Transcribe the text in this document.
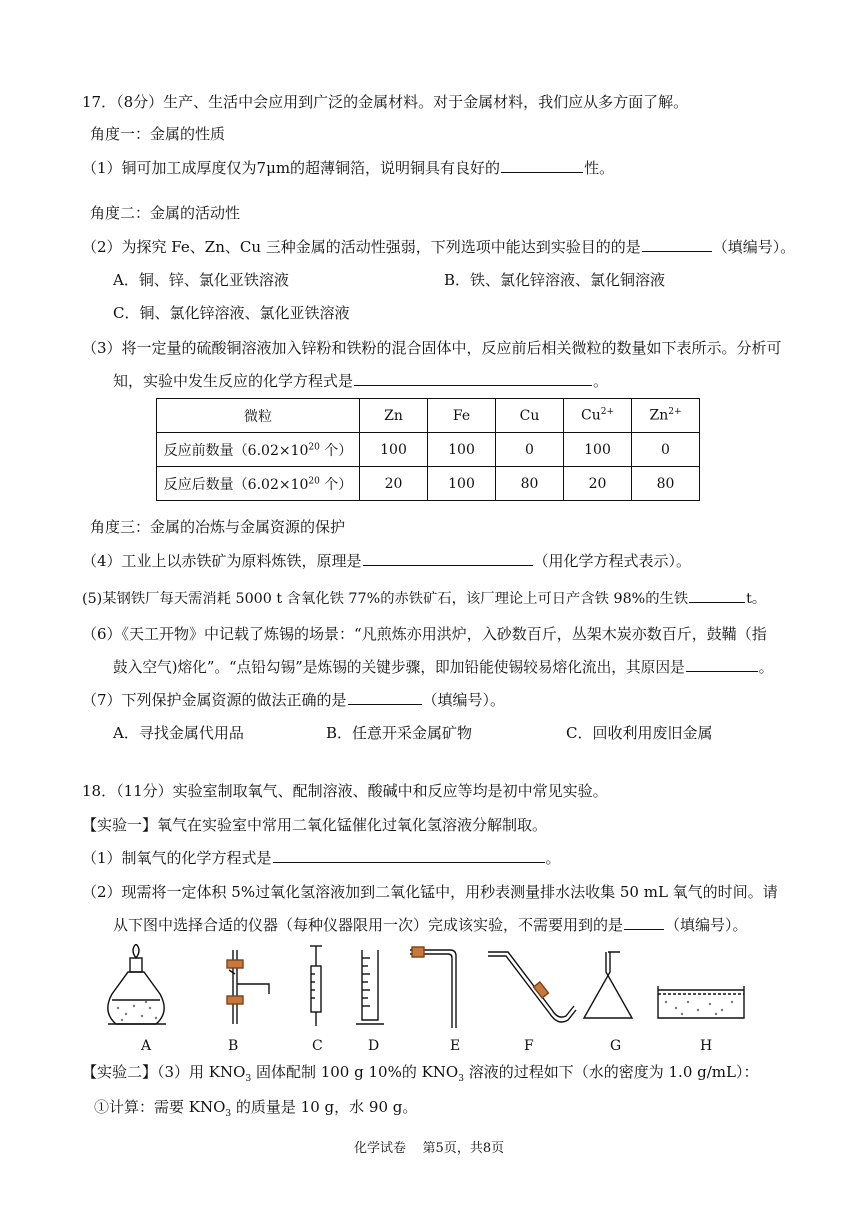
17．（8分）生产、生活中会应用到广泛的金属材料。对于金属材料，我们应从多方面了解。
角度一：金属的性质
（1）铜可加工成厚度仅为7μm的超薄铜箔，说明铜具有良好的	性。
角度二：金属的活动性
（2）为探究 Fe、Zn、Cu 三种金属的活动性强弱，下列选项中能达到实验目的的是	（填编号）。
A．铜、锌、氯化亚铁溶液	B．铁、氯化锌溶液、氯化铜溶液
C．铜、氯化锌溶液、氯化亚铁溶液
（3）将一定量的硫酸铜溶液加入锌粉和铁粉的混合固体中，反应前后相关微粒的数量如下表所示。分析可
知，实验中发生反应的化学方程式是	。
微粒	Zn	Fe	Cu	$Cu^{2+}$	$Zn^{2+}$
反应前数量（$6.02\times 10^{20}$ 个）	100	100	0	100	0
反应后数量（$6.02\times 10^{20}$ 个）	20	100	80	20	80
角度三：金属的冶炼与金属资源的保护
（4）工业上以赤铁矿为原料炼铁，原理是	（用化学方程式表示）。
(5)某钢铁厂每天需消耗 5000 t 含氧化铁 77%的赤铁矿石，该厂理论上可日产含铁 98%的生铁	t。
（6）《天工开物》中记载了炼锡的场景：“凡煎炼亦用洪炉，入砂数百斤，丛架木炭亦数百斤，鼓鞴（指
鼓入空气)熔化”。“点铅勾锡”是炼锡的关键步骤，即加铅能使锡较易熔化流出，其原因是	。
（7）下列保护金属资源的做法正确的是	（填编号）。
A．寻找金属代用品	B．任意开采金属矿物	C．回收利用废旧金属
18．（11分）实验室制取氧气、配制溶液、酸碱中和反应等均是初中常见实验。
【实验一】氧气在实验室中常用二氧化锰催化过氧化氢溶液分解制取。
（1）制氧气的化学方程式是	。
（2）现需将一定体积 5%过氧化氢溶液加到二氧化锰中，用秒表测量排水法收集 50 mL 氧气的时间。请
从下图中选择合适的仪器（每种仪器限用一次）完成该实验，不需要用到的是	（填编号）。
A	B	C	D	E	F	G	H
【实验二】（3）用 $KNO_3$ 固体配制 100 g 10%的 $KNO_3$ 溶液的过程如下（水的密度为 1.0 g/mL）：
①计算：需要 $KNO_3$ 的质量是 10 g，水 90 g。
化学试卷 第5页，共8页
